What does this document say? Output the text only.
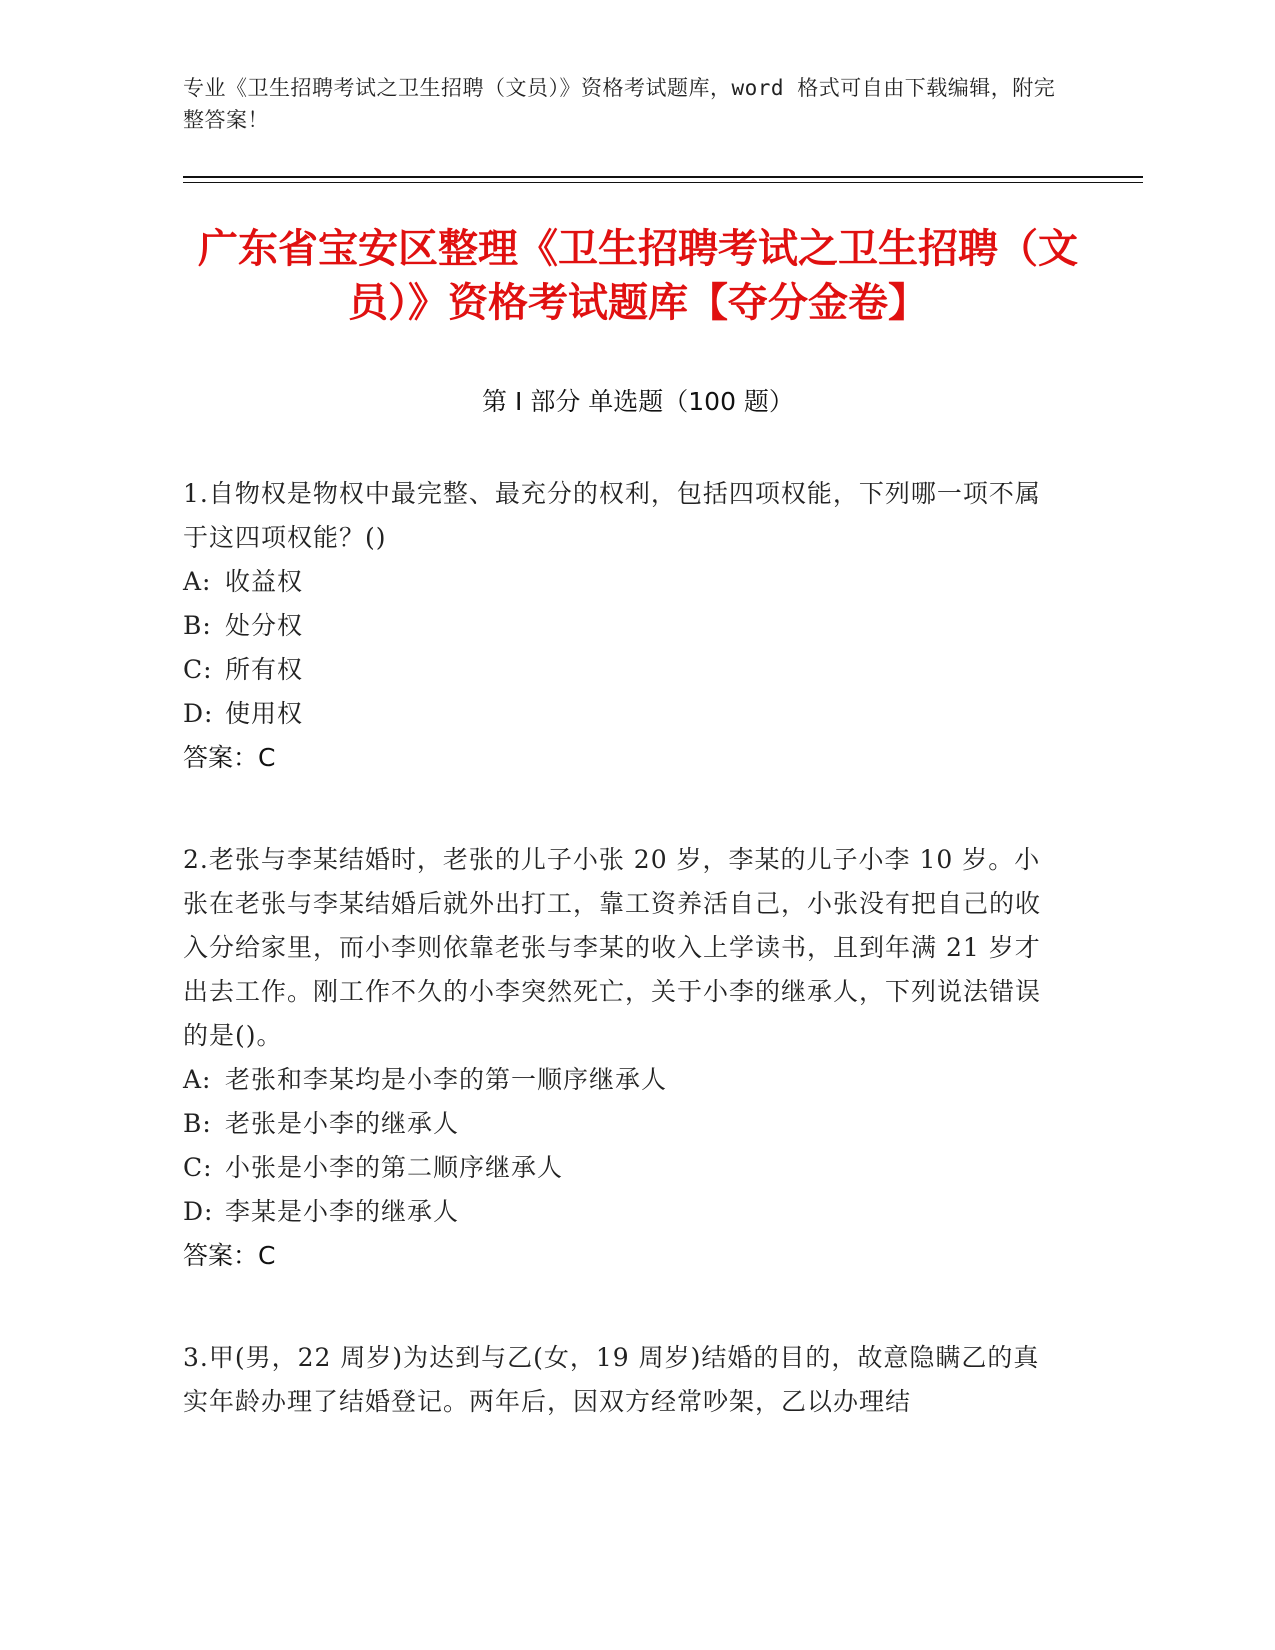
专业《卫生招聘考试之卫生招聘（文员）》资格考试题库，word 格式可自由下载编辑，附完整答案！
广东省宝安区整理《卫生招聘考试之卫生招聘（文员）》资格考试题库【夺分金卷】
第 I 部分 单选题（100 题）

1.自物权是物权中最完整、最充分的权利，包括四项权能，下列哪一项不属于这四项权能？()

A: 收益权
B: 处分权
C: 所有权
D: 使用权
答案：C

2.老张与李某结婚时，老张的儿子小张 20 岁，李某的儿子小李 10 岁。小张在老张与李某结婚后就外出打工，靠工资养活自己，小张没有把自己的收入分给家里，而小李则依靠老张与李某的收入上学读书，且到年满 21 岁才出去工作。刚工作不久的小李突然死亡，关于小李的继承人，下列说法错误的是()。

A: 老张和李某均是小李的第一顺序继承人
B: 老张是小李的继承人
C: 小张是小李的第二顺序继承人
D: 李某是小李的继承人
答案：C

3.甲(男，22 周岁)为达到与乙(女，19 周岁)结婚的目的，故意隐瞒乙的真实年龄办理了结婚登记。两年后，因双方经常吵架，乙以办理结
